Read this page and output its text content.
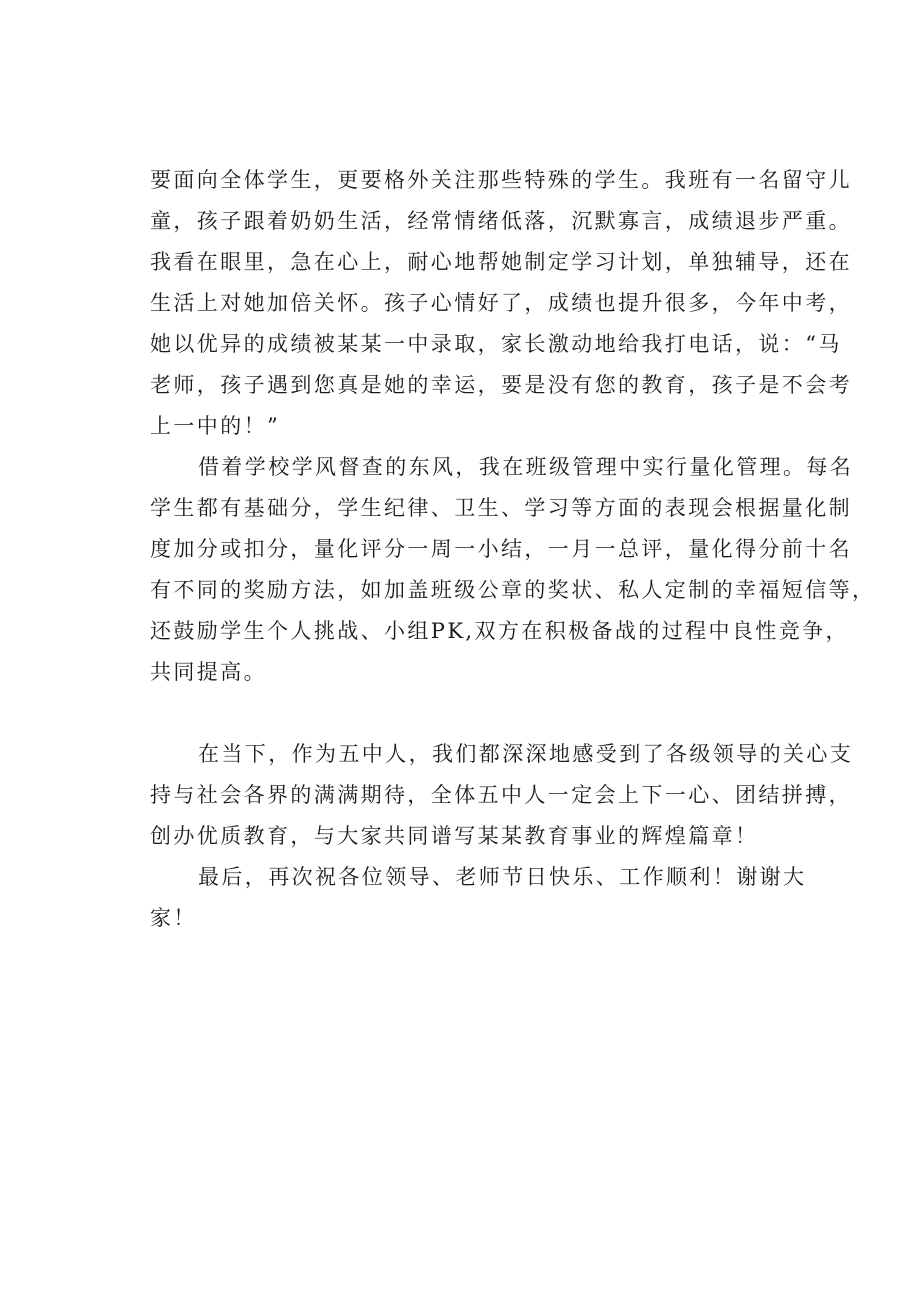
要面向全体学生，更要格外关注那些特殊的学生。我班有一名留守儿
童，孩子跟着奶奶生活，经常情绪低落，沉默寡言，成绩退步严重。
我看在眼里，急在心上，耐心地帮她制定学习计划，单独辅导，还在
生活上对她加倍关怀。孩子心情好了，成绩也提升很多，今年中考，
她以优异的成绩被某某一中录取，家长激动地给我打电话，说：“马
老师，孩子遇到您真是她的幸运，要是没有您的教育，孩子是不会考
上一中的！”
借着学校学风督查的东风，我在班级管理中实行量化管理。每名
学生都有基础分，学生纪律、卫生、学习等方面的表现会根据量化制
度加分或扣分，量化评分一周一小结，一月一总评，量化得分前十名
有不同的奖励方法，如加盖班级公章的奖状、私人定制的幸福短信等，
还鼓励学生个人挑战、小组PK,双方在积极备战的过程中良性竞争，
共同提高。
在当下，作为五中人，我们都深深地感受到了各级领导的关心支
持与社会各界的满满期待，全体五中人一定会上下一心、团结拼搏，
创办优质教育，与大家共同谱写某某教育事业的辉煌篇章！
最后，再次祝各位领导、老师节日快乐、工作顺利！谢谢大
家！
